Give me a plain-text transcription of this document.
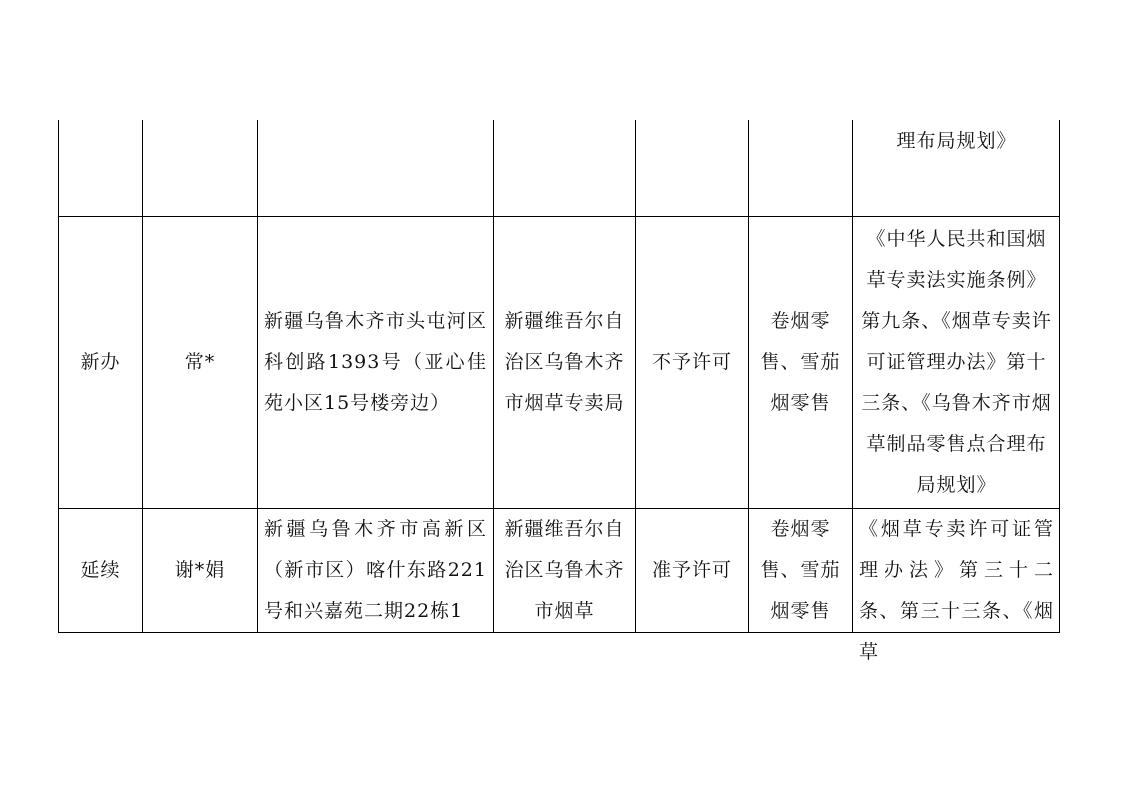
理布局规划》
新办	常*
新疆乌鲁木齐市头屯河区科创路1393号（亚心佳苑小区15号楼旁边）
新疆维吾尔自治区乌鲁木齐市烟草专卖局
不予许可
卷烟零售、雪茄烟零售
《中华人民共和国烟草专卖法实施条例》第九条、《烟草专卖许可证管理办法》第十三条、《乌鲁木齐市烟草制品零售点合理布局规划》
延续	谢*娟
新疆乌鲁木齐市高新区（新市区）喀什东路221号和兴嘉苑二期22栋1
新疆维吾尔自治区乌鲁木齐市烟草
准予许可
卷烟零售、雪茄烟零售
《烟草专卖许可证管理办法》第三十二条、第三十三条、《烟草
